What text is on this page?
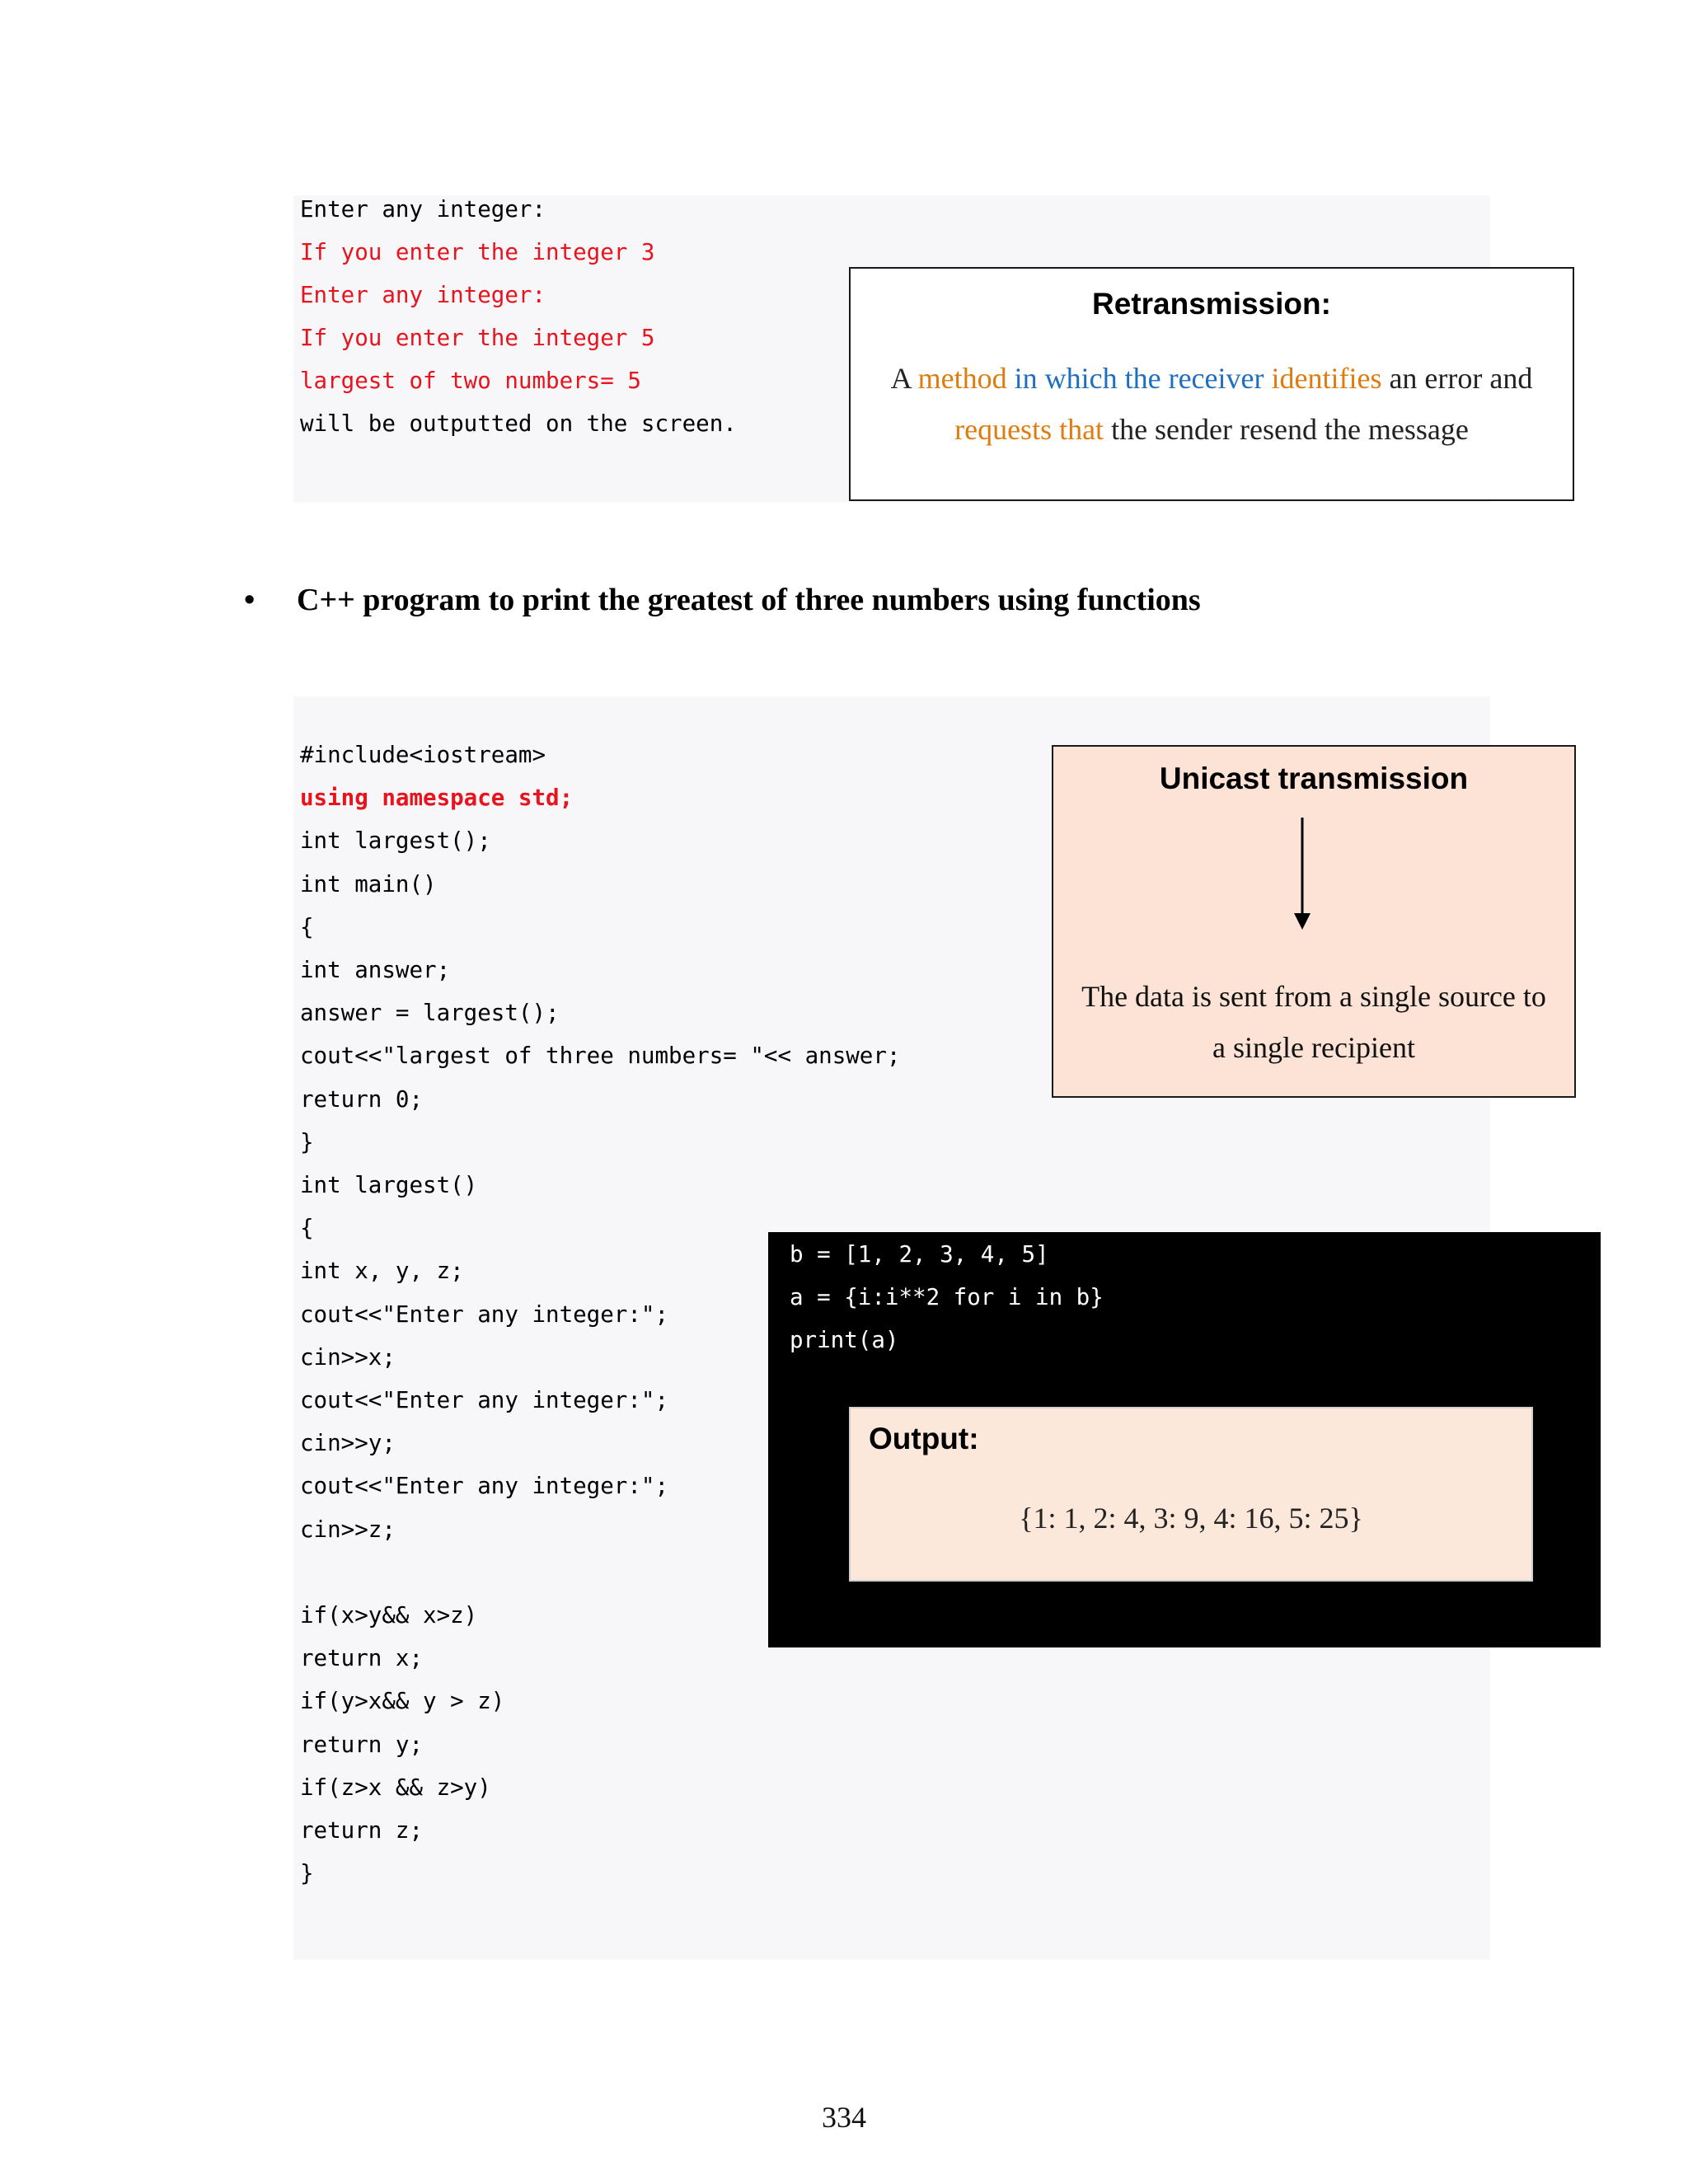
Enter any integer:
If you enter the integer 3
Enter any integer:
If you enter the integer 5
largest of two numbers= 5
will be outputted on the screen.
Retransmission:
A method in which the receiver identifies an error and
requests that the sender resend the message
• C++ program to print the greatest of three numbers using functions
#include<iostream>
using namespace std;
int largest();
int main()
{
int answer;
answer = largest();
cout<<"largest of three numbers= "<< answer;
return 0;
}
int largest()
{
int x, y, z;
cout<<"Enter any integer:";
cin>>x;
cout<<"Enter any integer:";
cin>>y;
cout<<"Enter any integer:";
cin>>z;
if(x>y&& x>z)
return x;
if(y>x&& y > z)
return y;
if(z>x && z>y)
return z;
}
Unicast transmission
The data is sent from a single source to
a single recipient
b = [1, 2, 3, 4, 5]
a = {i:i**2 for i in b}
print(a)
Output:
{1: 1, 2: 4, 3: 9, 4: 16, 5: 25}
334
